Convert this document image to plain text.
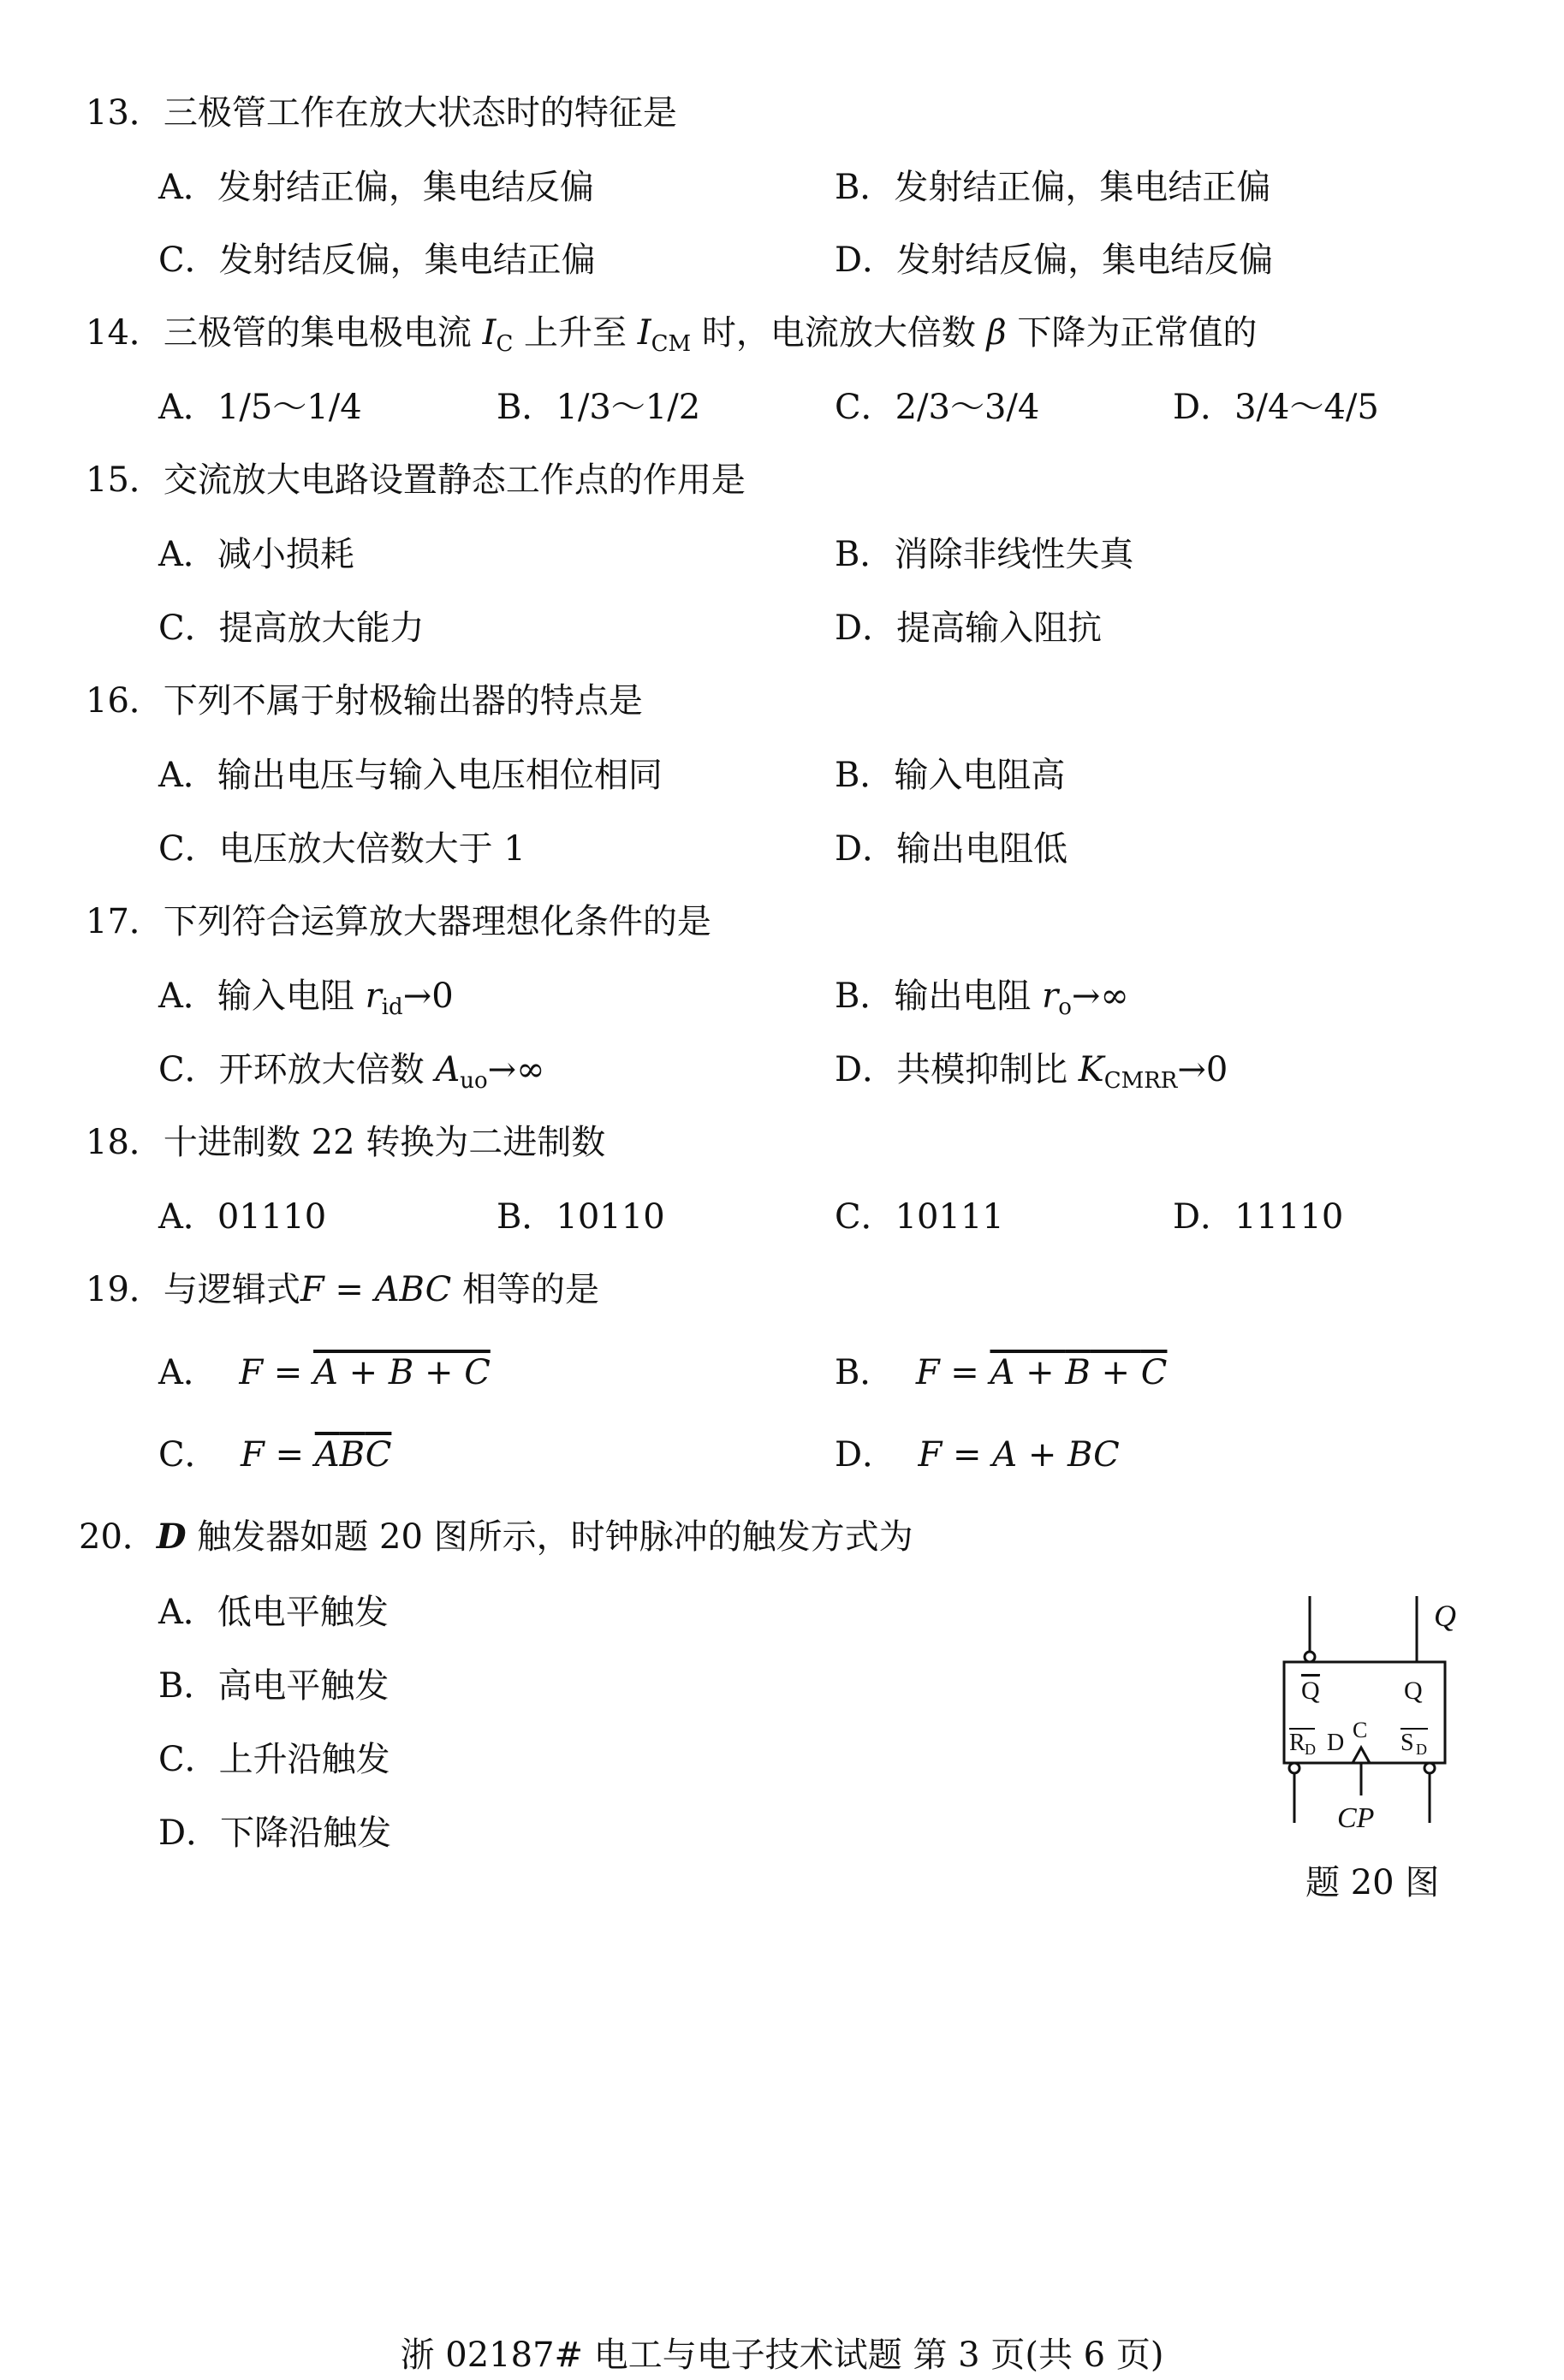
13．三极管工作在放大状态时的特征是
A．发射结正偏，集电结反偏	B．发射结正偏，集电结正偏
C．发射结反偏，集电结正偏	D．发射结反偏，集电结反偏
14．三极管的集电极电流 $I_C$ 上升至 $I_{CM}$ 时，电流放大倍数 β 下降为正常值的
A．1/5～1/4	B．1/3～1/2	C．2/3～3/4	D．3/4～4/5
15．交流放大电路设置静态工作点的作用是
A．减小损耗	B．消除非线性失真
C．提高放大能力	D．提高输入阻抗
16．下列不属于射极输出器的特点是
A．输出电压与输入电压相位相同	B．输入电阻高
C．电压放大倍数大于 1	D．输出电阻低
17．下列符合运算放大器理想化条件的是
A．输入电阻 $r_{id}\to 0$	B．输出电阻 $r_o\to\infty$
C．开环放大倍数 $A_{uo}\to\infty$	D．共模抑制比 $K_{CMRR}\to 0$
18．十进制数 22 转换为二进制数
A．01110	B．10110	C．10111	D．11110
19．与逻辑式F = ABC 相等的是
A．  F = A + B + C	B．  F = A + B + C
C．  $F = \overline{A}\overline{B}\overline{C}$	D．  F = A + BC
20．D 触发器如题 20 图所示，时钟脉冲的触发方式为
A．低电平触发
B．高电平触发
C．上升沿触发
D．下降沿触发
Q
Q	Q
R D D C S D
CP
题 20 图
浙 02187# 电工与电子技术试题 第 3 页(共 6 页)
